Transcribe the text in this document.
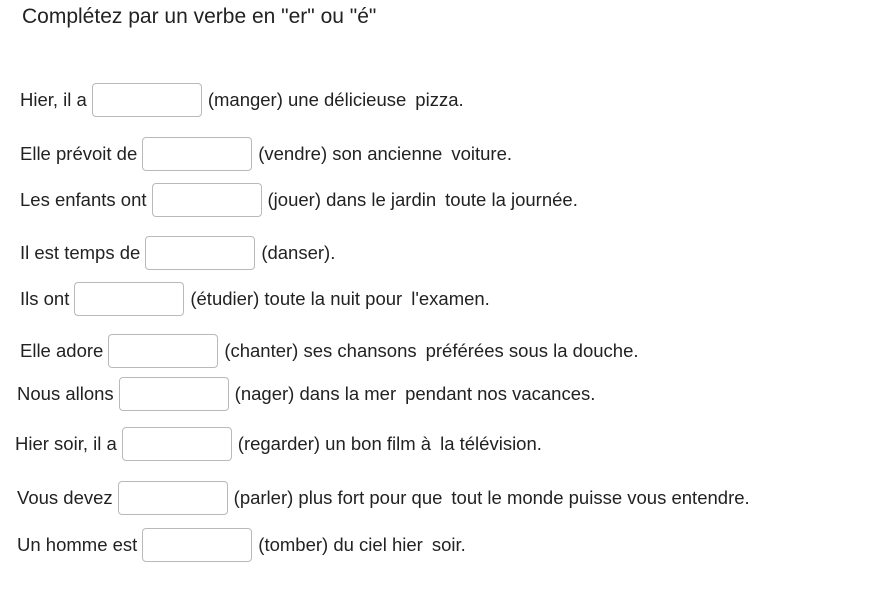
Complétez par un verbe en "er" ou "é"
Hier, il a	(manger) une délicieuse pizza.
Elle prévoit de	(vendre) son ancienne voiture.
Les enfants ont	(jouer) dans le jardin toute la journée.
Il est temps de	(danser).
Ils ont	(étudier) toute la nuit pour l'examen.
Elle adore	(chanter) ses chansons préférées sous la douche.
Nous allons	(nager) dans la mer pendant nos vacances.
Hier soir, il a	(regarder) un bon film à la télévision.
Vous devez	(parler) plus fort pour que tout le monde puisse vous entendre.
Un homme est	(tomber) du ciel hier soir.
